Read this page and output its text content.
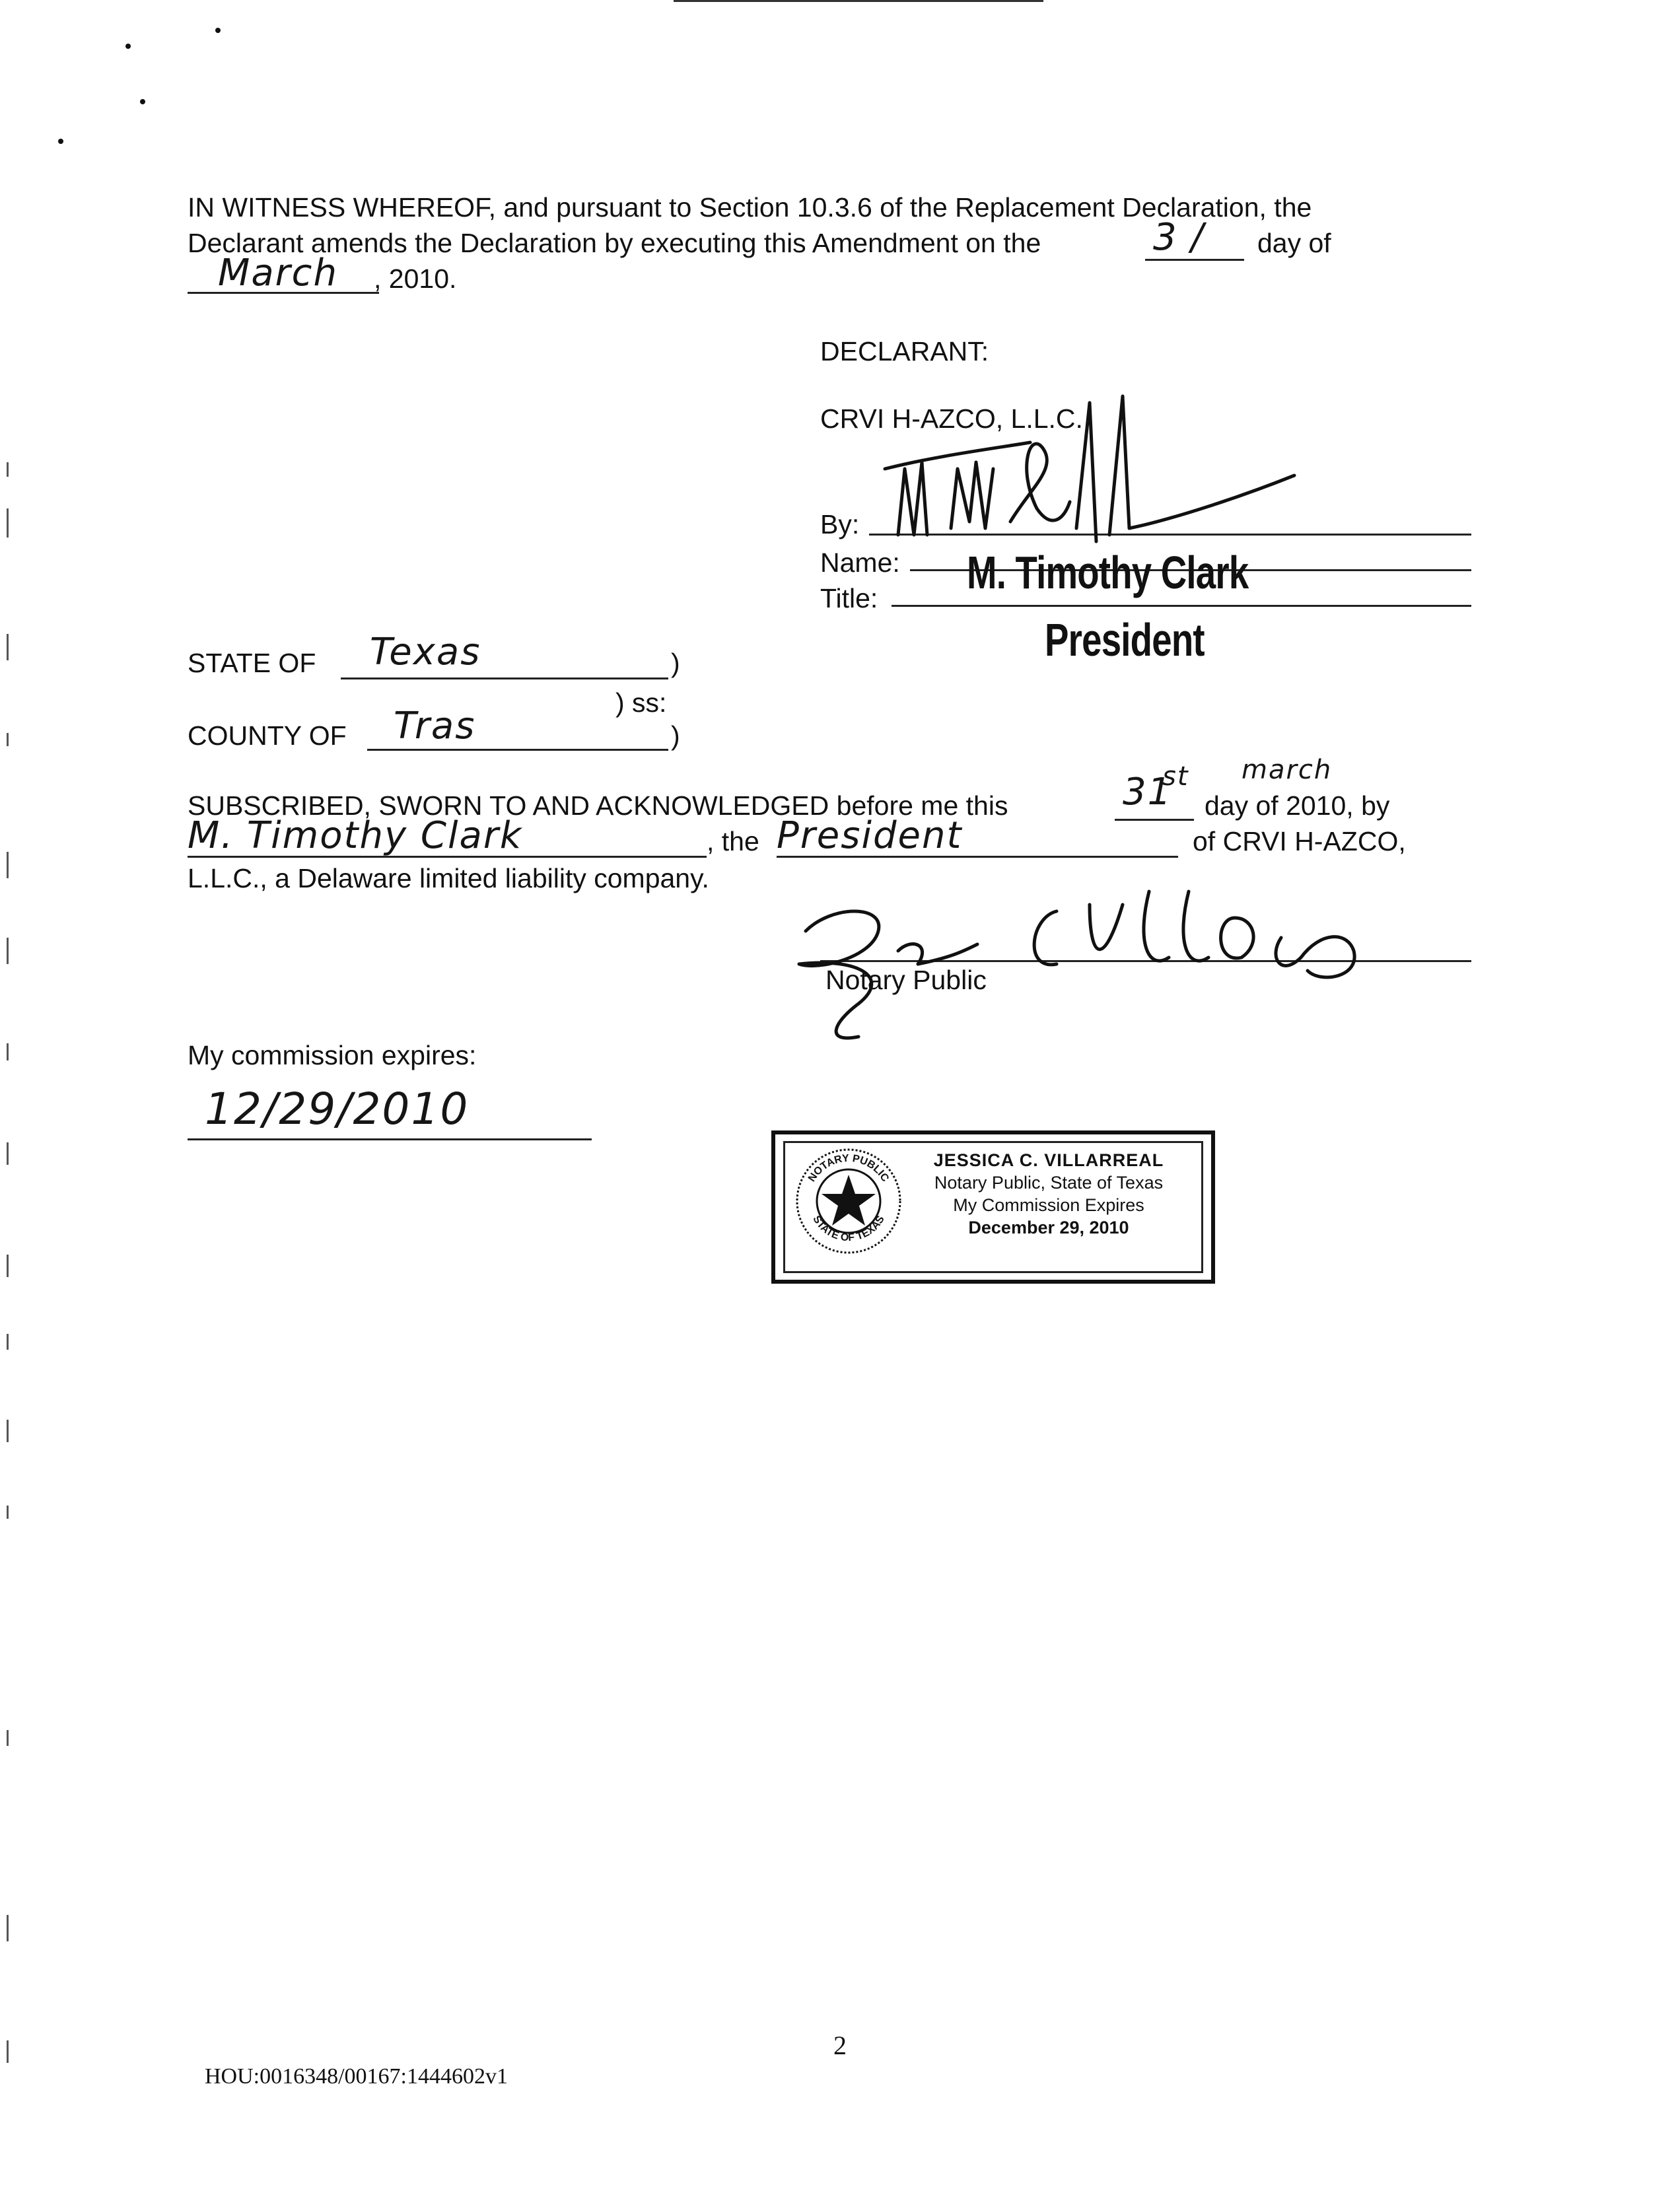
IN WITNESS WHEREOF, and pursuant to Section 10.3.6 of the Replacement Declaration, the
Declarant amends the Declaration by executing this Amendment on the	3 / day of
March , 2010.
DECLARANT:
CRVI H-AZCO, L.L.C.
By:
Name:
Title: M. Timothy Clark
President
STATE OF Texas	)
) ss:
COUNTY OF Tras	)
march
st
SUBSCRIBED, SWORN TO AND ACKNOWLEDGED before me this	31 day of 2010, by
M. Timothy Clark	, the President	of CRVI H-AZCO,
L.L.C., a Delaware limited liability company.
Notary Public
My commission expires:
12/29/2010
NOTARY PUBLIC
STATE OF TEXAS
JESSICA C. VILLARREAL
Notary Public, State of Texas
My Commission Expires
December 29, 2010
2
HOU:0016348/00167:1444602v1
